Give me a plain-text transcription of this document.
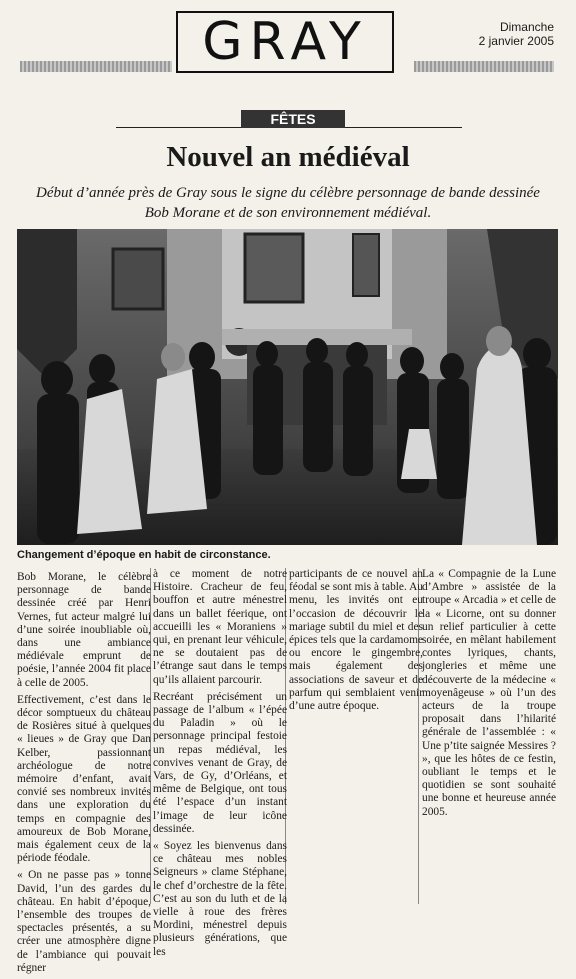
GRAY	Dimanche
2 janvier 2005
FÊTES
Nouvel an médiéval
Début d’année près de Gray sous le signe du célèbre personnage de bande dessinée Bob Morane et de son environnement médiéval.
Changement d’époque en habit de circonstance.

Bob Morane, le célèbre personnage de bande dessinée créé par Henri Vernes, fut acteur malgré lui d’une soirée inoubliable où, dans une ambiance médiévale emprunt de poésie, l’année 2004 fit place à celle de 2005.

Effectivement, c’est dans le décor somptueux du château de Rosières situé à quelques « lieues » de Gray que Dan Kelber, passionnant archéologue de notre mémoire d’enfant, avait convié ses nombreux invités dans une exploration du temps en compagnie des amoureux de Bob Morane, mais également ceux de la période féodale.

« On ne passe pas » tonne David, l’un des gardes du château. En habit d’époque, l’ensemble des troupes de spectacles présentés, a su créer une atmosphère digne de l’ambiance qui pouvait régner

à ce moment de notre Histoire. Cracheur de feu, bouffon et autre ménestrel dans un ballet féerique, ont accueilli les « Moraniens » qui, en prenant leur véhicule, ne se doutaient pas de l’étrange saut dans le temps qu’ils allaient parcourir.

Recréant précisément un passage de l’album « l’épée du Paladin » où le personnage principal festoie un repas médiéval, les convives venant de Gray, de Vars, de Gy, d’Orléans, et même de Belgique, ont tous été l’espace d’un instant l’image de leur icône dessinée.

« Soyez les bienvenus dans ce château mes nobles Seigneurs » clame Stéphane, le chef d’orchestre de la fête. C’est au son du luth et de la vielle à roue des frères Mordini, ménestrel depuis plusieurs générations, que les

participants de ce nouvel an féodal se sont mis à table. Au menu, les invités ont eu l’occasion de découvrir le mariage subtil du miel et des épices tels que la cardamome ou encore le gingembre, mais également des associations de saveur et de parfum qui semblaient venir d’une autre époque.

La « Compagnie de la Lune d’Ambre » assistée de la troupe « Arcadia » et celle de la « Licorne, ont su donner un relief particulier à cette soirée, en mêlant habilement contes lyriques, chants, jongleries et même une découverte de la médecine « moyenâgeuse » où l’un des acteurs de la troupe proposait dans l’hilarité générale de l’assemblée : « Une p’tite saignée Messires ? », que les hôtes de ce festin, oubliant le temps et le quotidien se sont souhaité une bonne et heureuse année 2005.
